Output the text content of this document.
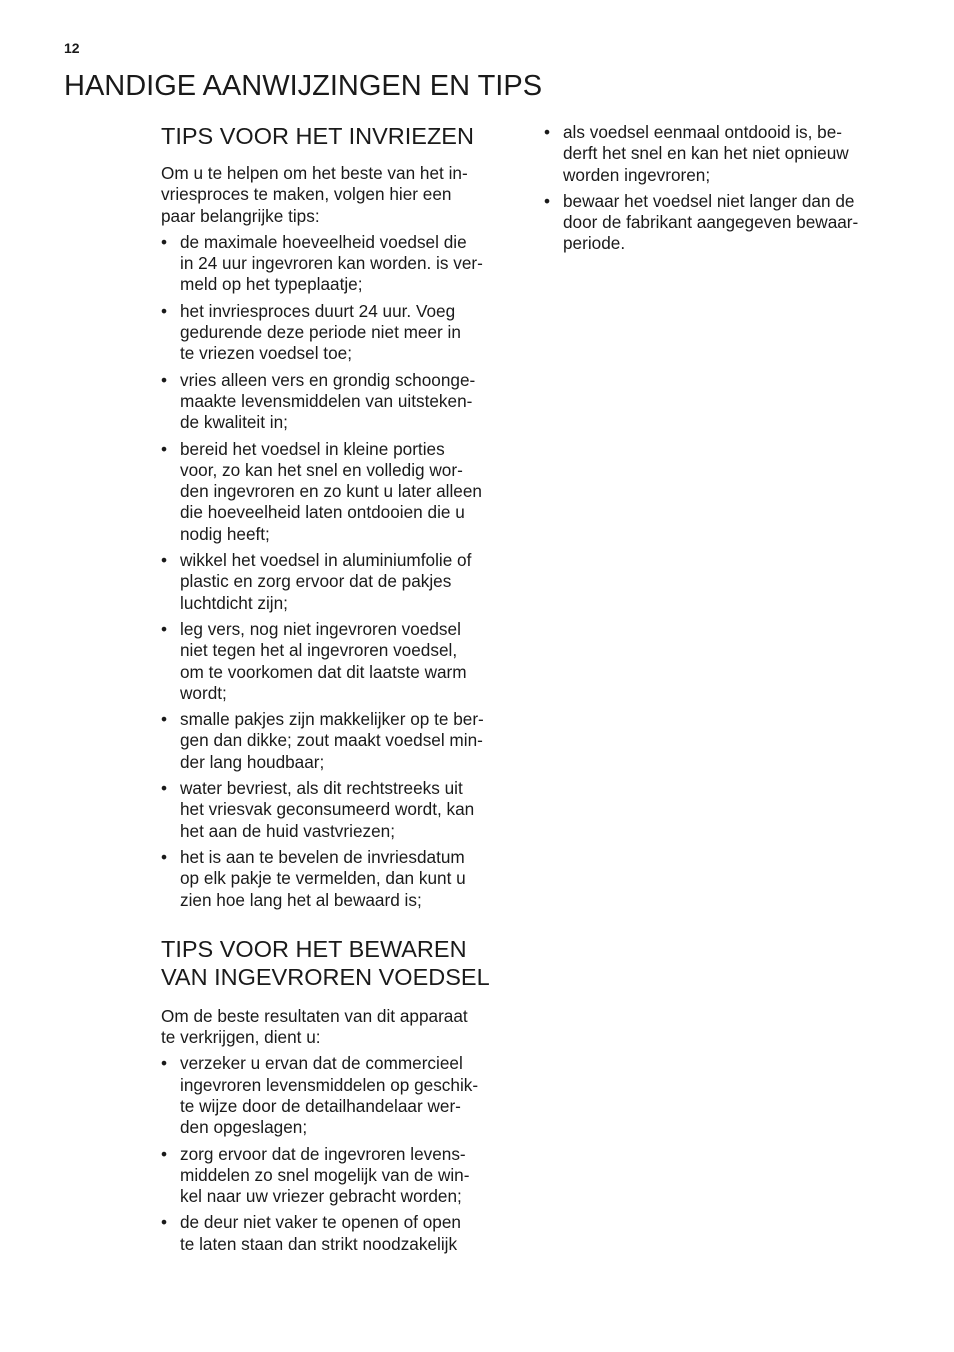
12
HANDIGE AANWIJZINGEN EN TIPS
TIPS VOOR HET INVRIEZEN

Om u te helpen om het beste van het in-
vriesproces te maken, volgen hier een
paar belangrijke tips:

• de maximale hoeveelheid voedsel die
in 24 uur ingevroren kan worden. is ver-
meld op het typeplaatje;
• het invriesproces duurt 24 uur. Voeg
gedurende deze periode niet meer in
te vriezen voedsel toe;
• vries alleen vers en grondig schoonge-
maakte levensmiddelen van uitsteken-
de kwaliteit in;
• bereid het voedsel in kleine porties
voor, zo kan het snel en volledig wor-
den ingevroren en zo kunt u later alleen
die hoeveelheid laten ontdooien die u
nodig heeft;
• wikkel het voedsel in aluminiumfolie of
plastic en zorg ervoor dat de pakjes
luchtdicht zijn;
• leg vers, nog niet ingevroren voedsel
niet tegen het al ingevroren voedsel,
om te voorkomen dat dit laatste warm
wordt;
• smalle pakjes zijn makkelijker op te ber-
gen dan dikke; zout maakt voedsel min-
der lang houdbaar;
• water bevriest, als dit rechtstreeks uit
het vriesvak geconsumeerd wordt, kan
het aan de huid vastvriezen;
• het is aan te bevelen de invriesdatum
op elk pakje te vermelden, dan kunt u
zien hoe lang het al bewaard is;
TIPS VOOR HET BEWAREN
VAN INGEVROREN VOEDSEL

Om de beste resultaten van dit apparaat
te verkrijgen, dient u:

• verzeker u ervan dat de commercieel
ingevroren levensmiddelen op geschik-
te wijze door de detailhandelaar wer-
den opgeslagen;
• zorg ervoor dat de ingevroren levens-
middelen zo snel mogelijk van de win-
kel naar uw vriezer gebracht worden;
• de deur niet vaker te openen of open
te laten staan dan strikt noodzakelijk
• als voedsel eenmaal ontdooid is, be-
derft het snel en kan het niet opnieuw
worden ingevroren;
• bewaar het voedsel niet langer dan de
door de fabrikant aangegeven bewaar-
periode.
